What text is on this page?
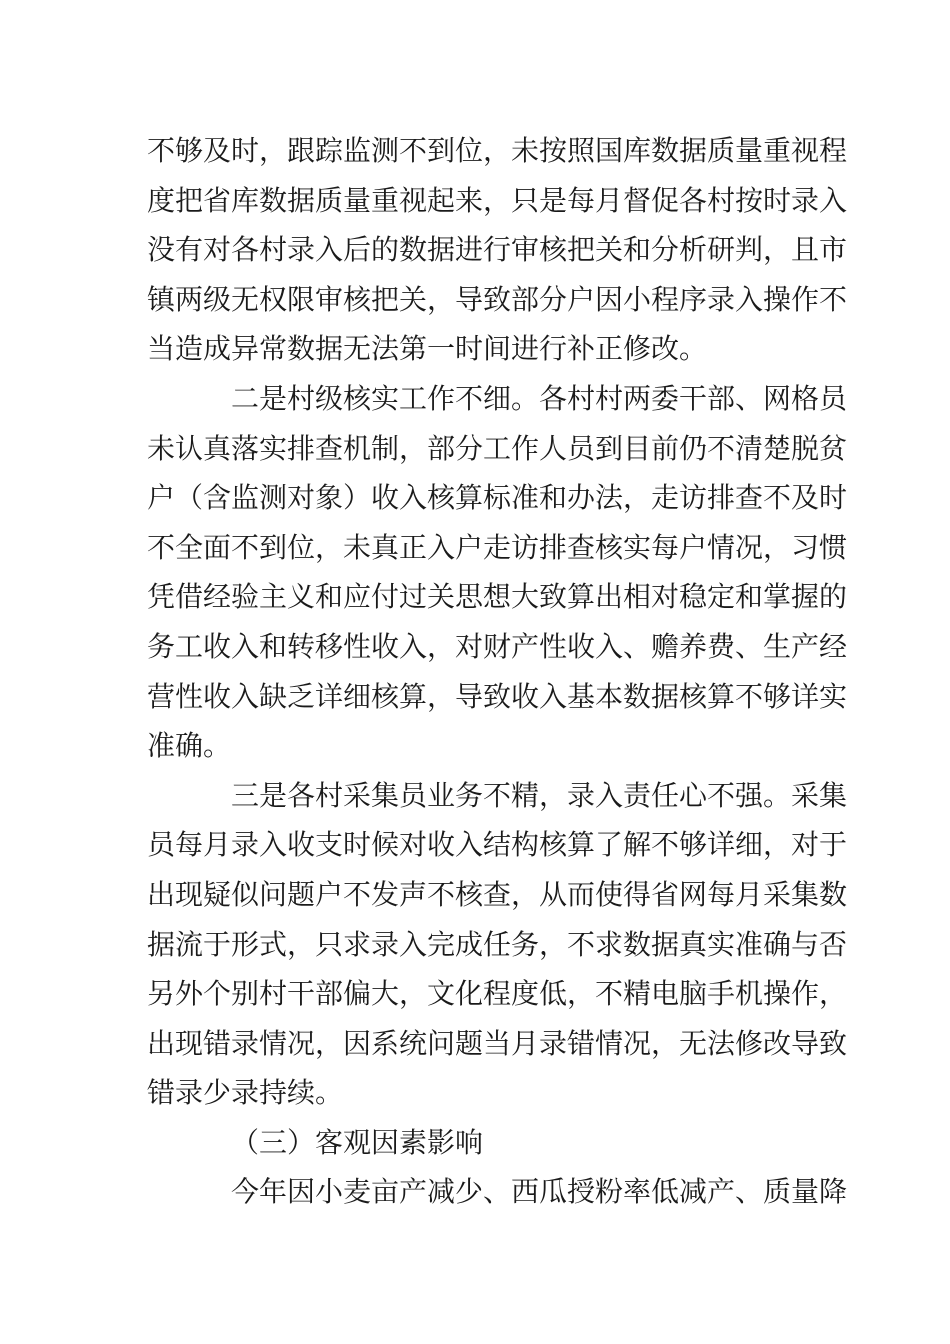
不够及时，跟踪监测不到位，未按照国库数据质量重视程
度把省库数据质量重视起来，只是每月督促各村按时录入
没有对各村录入后的数据进行审核把关和分析研判，且市
镇两级无权限审核把关，导致部分户因小程序录入操作不
当造成异常数据无法第一时间进行补正修改。
二是村级核实工作不细。各村村两委干部、网格员
未认真落实排查机制，部分工作人员到目前仍不清楚脱贫
户（含监测对象）收入核算标准和办法，走访排查不及时
不全面不到位，未真正入户走访排查核实每户情况，习惯
凭借经验主义和应付过关思想大致算出相对稳定和掌握的
务工收入和转移性收入，对财产性收入、赡养费、生产经
营性收入缺乏详细核算，导致收入基本数据核算不够详实
准确。
三是各村采集员业务不精，录入责任心不强。采集
员每月录入收支时候对收入结构核算了解不够详细，对于
出现疑似问题户不发声不核查，从而使得省网每月采集数
据流于形式，只求录入完成任务，不求数据真实准确与否
另外个别村干部偏大，文化程度低，不精电脑手机操作，
出现错录情况，因系统问题当月录错情况，无法修改导致
错录少录持续。
（三）客观因素影响
今年因小麦亩产减少、西瓜授粉率低减产、质量降
